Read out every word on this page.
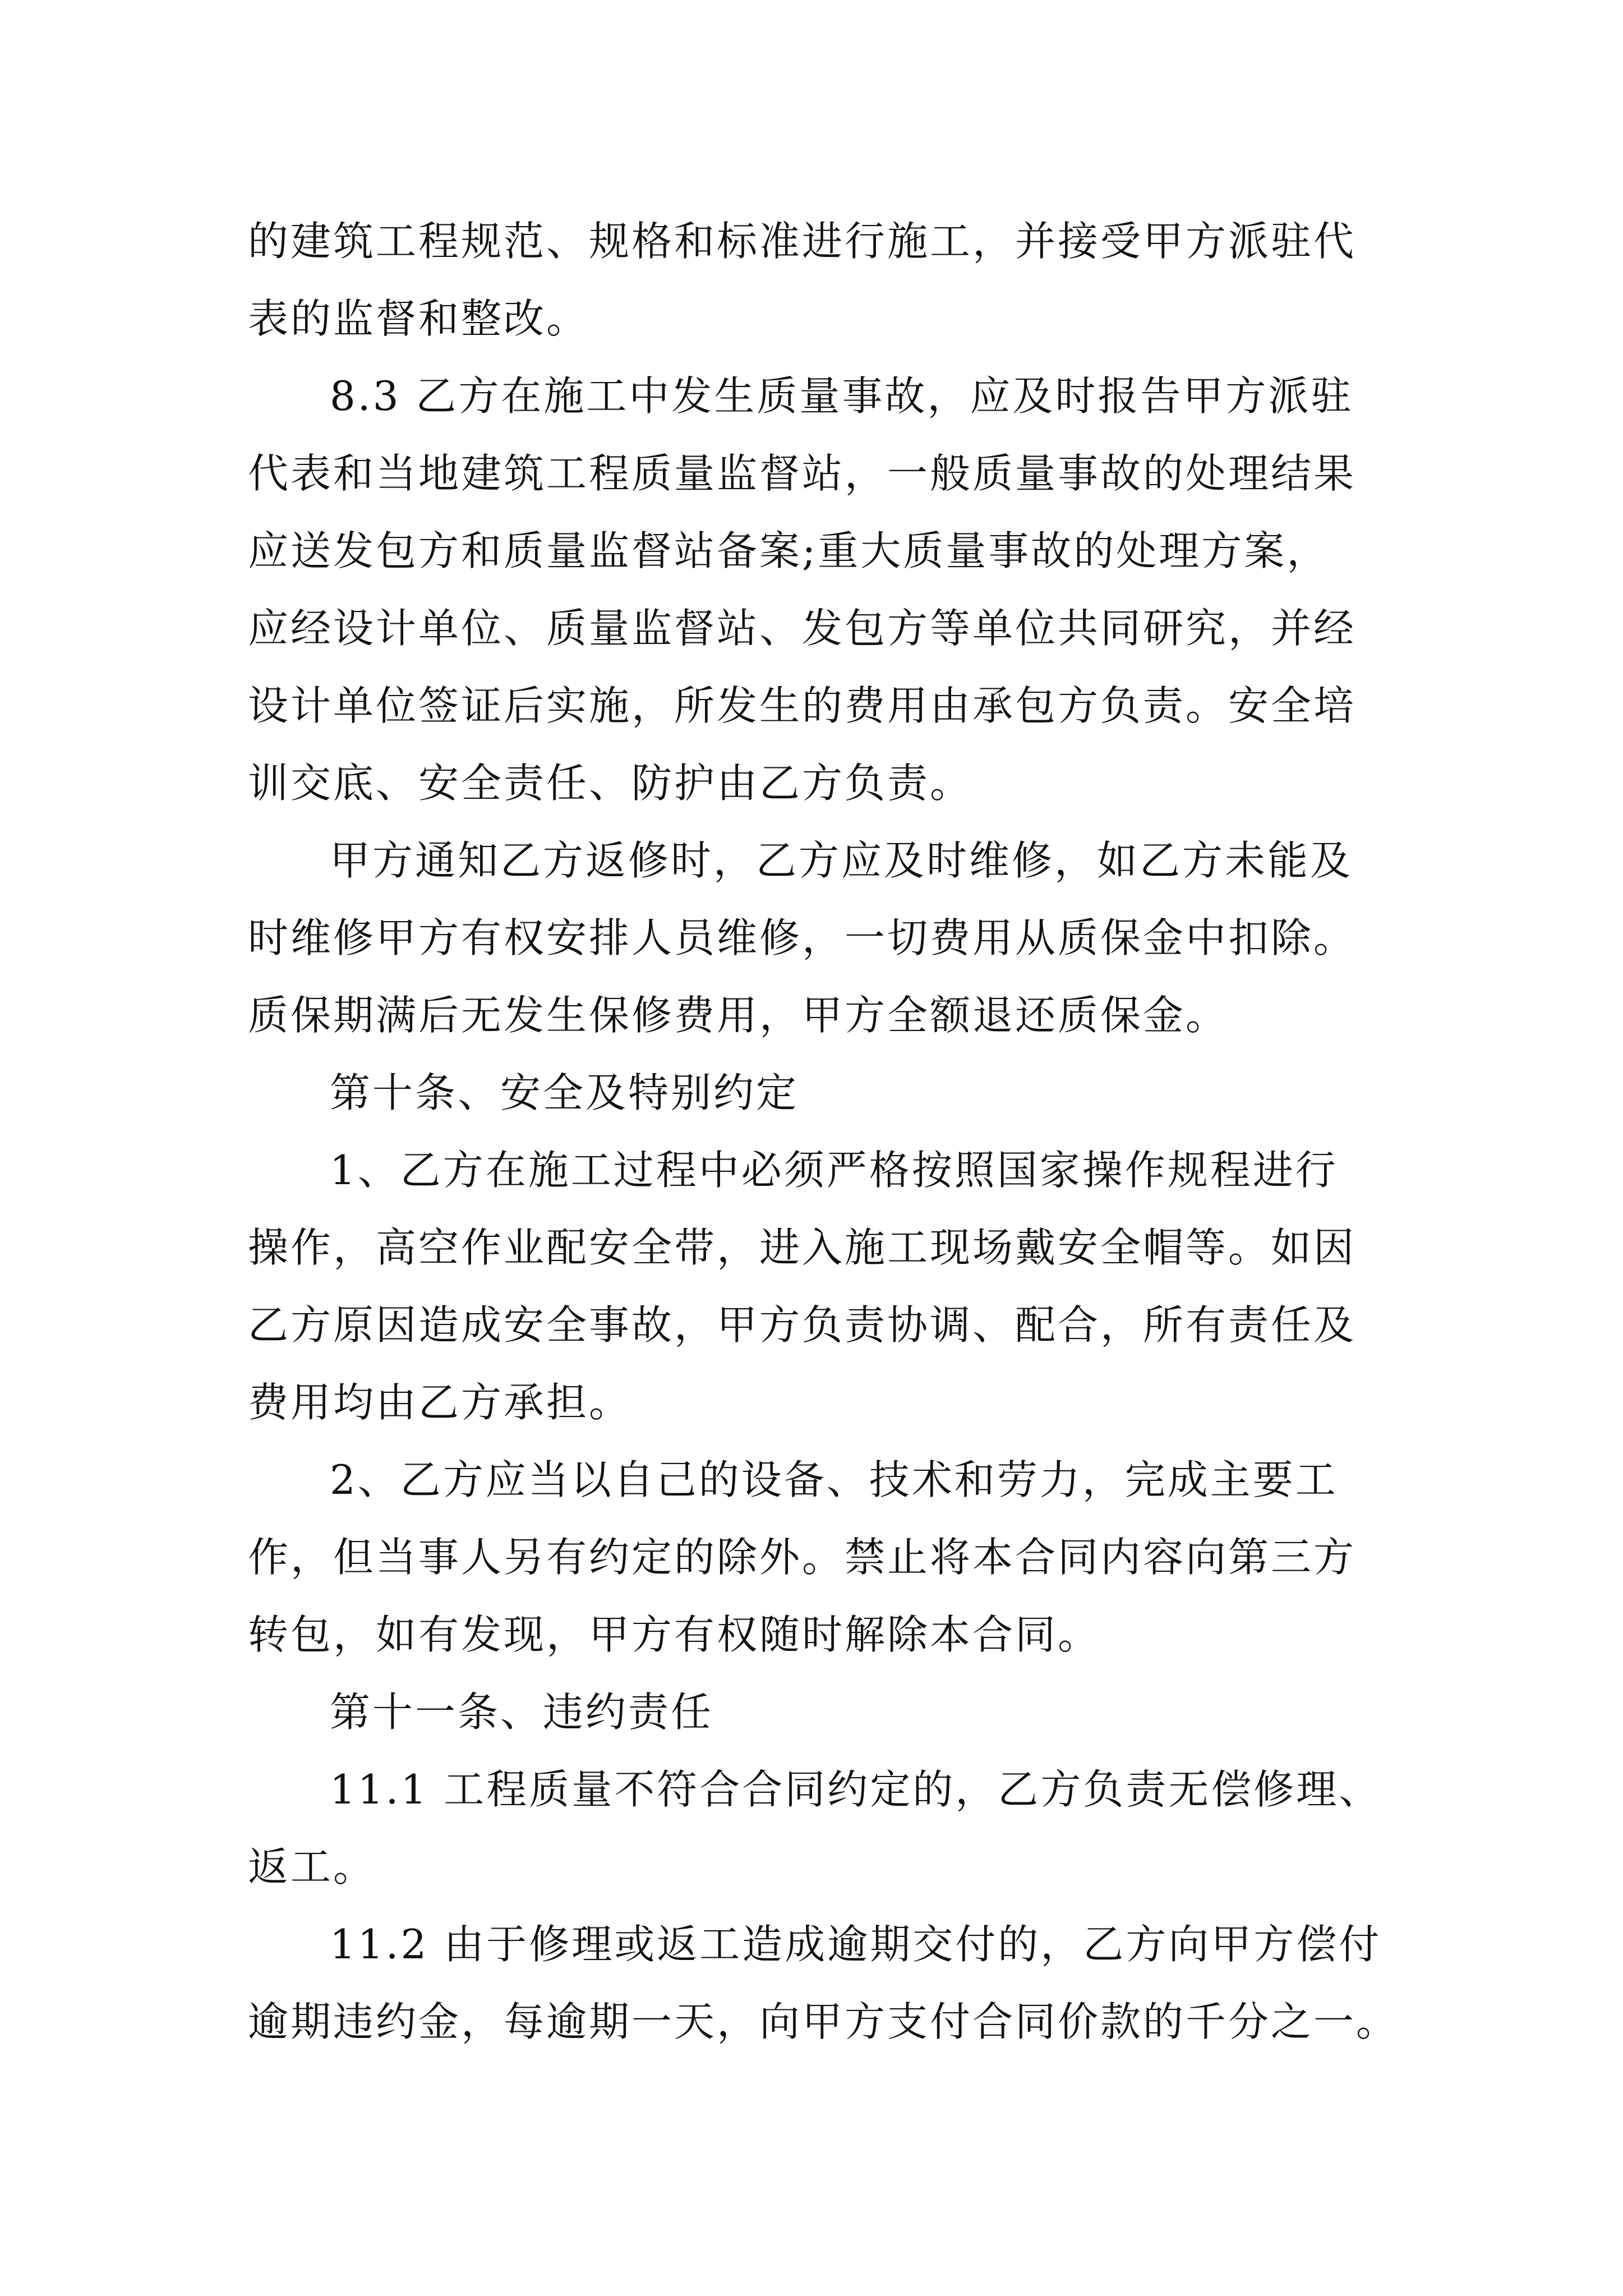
的建筑工程规范、规格和标准进行施工，并接受甲方派驻代
表的监督和整改。
8.3 乙方在施工中发生质量事故，应及时报告甲方派驻
代表和当地建筑工程质量监督站，一般质量事故的处理结果
应送发包方和质量监督站备案;重大质量事故的处理方案，
应经设计单位、质量监督站、发包方等单位共同研究，并经
设计单位签证后实施，所发生的费用由承包方负责。安全培
训交底、安全责任、防护由乙方负责。
甲方通知乙方返修时，乙方应及时维修，如乙方未能及
时维修甲方有权安排人员维修，一切费用从质保金中扣除。
质保期满后无发生保修费用，甲方全额退还质保金。
第十条、安全及特别约定
1、乙方在施工过程中必须严格按照国家操作规程进行
操作，高空作业配安全带，进入施工现场戴安全帽等。如因
乙方原因造成安全事故，甲方负责协调、配合，所有责任及
费用均由乙方承担。
2、乙方应当以自己的设备、技术和劳力，完成主要工
作，但当事人另有约定的除外。禁止将本合同内容向第三方
转包，如有发现，甲方有权随时解除本合同。
第十一条、违约责任
11.1 工程质量不符合合同约定的，乙方负责无偿修理、
返工。
11.2 由于修理或返工造成逾期交付的，乙方向甲方偿付
逾期违约金，每逾期一天，向甲方支付合同价款的千分之一。
